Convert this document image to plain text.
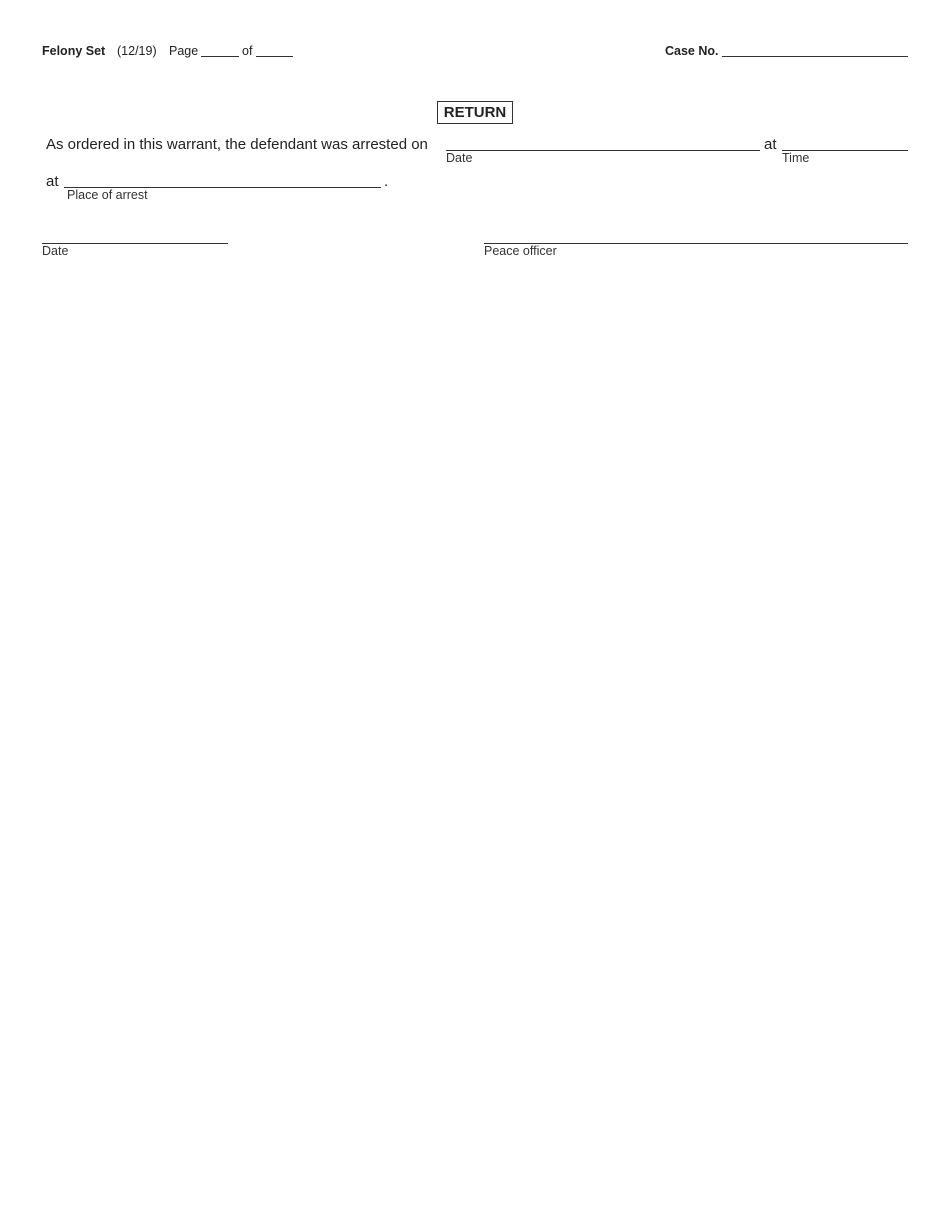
Felony Set (12/19) Page	of	Case No.
RETURN
As ordered in this warrant, the defendant was arrested on
Date
at
Time
at
Place of arrest
.
Date	Peace officer
